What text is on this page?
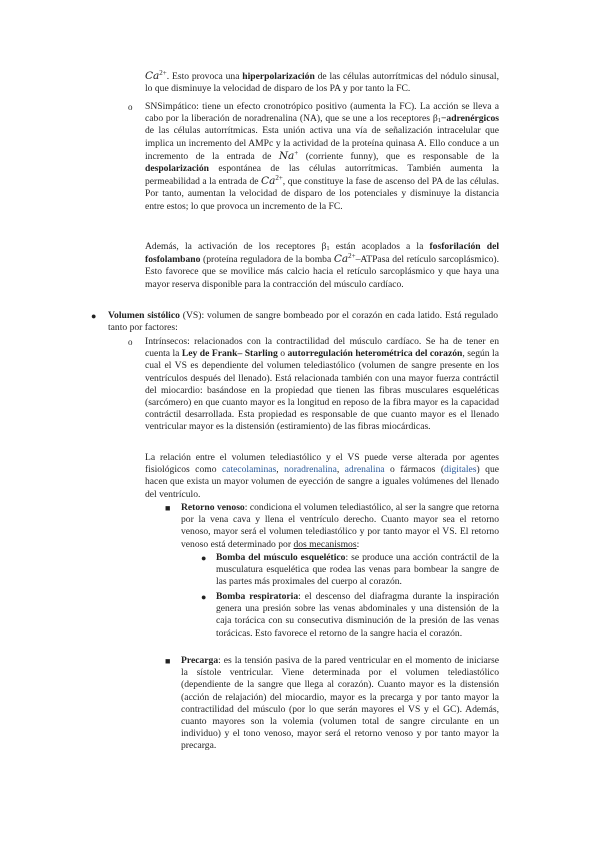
$Ca^{2+}$. Esto provoca una hiperpolarización de las células autorrítmicas del nódulo sinusal, lo que disminuye la velocidad de disparo de los PA y por tanto la FC.

o SNSimpático: tiene un efecto cronotrópico positivo (aumenta la FC). La acción se lleva a cabo por la liberación de noradrenalina (NA), que se une a los receptores $\beta_1-adrenérgicos$ de las células autorrítmicas. Esta unión activa una vía de señalización intracelular que implica un incremento del AMPc y la actividad de la proteína quinasa A. Ello conduce a un incremento de la entrada de Na+ (corriente funny), que es responsable de la despolarización espontánea de las células autorrítmicas. También aumenta la permeabilidad a la entrada de $Ca^{2+}$, que constituye la fase de ascenso del PA de las células. Por tanto, aumentan la velocidad de disparo de los potenciales y disminuye la distancia entre estos; lo que provoca un incremento de la FC.

Además, la activación de los receptores $\beta_1$ están acoplados a la fosforilación del fosfolambano (proteína reguladora de la bomba $Ca^{2+}$–ATPasa del retículo sarcoplásmico). Esto favorece que se movilice más calcio hacia el retículo sarcoplásmico y que haya una mayor reserva disponible para la contracción del músculo cardíaco.

● Volumen sistólico (VS): volumen de sangre bombeado por el corazón en cada latido. Está regulado tanto por factores:

o Intrínsecos: relacionados con la contractilidad del músculo cardíaco. Se ha de tener en cuenta la Ley de Frank– Starling o autorregulación heterométrica del corazón, según la cual el VS es dependiente del volumen telediastólico (volumen de sangre presente en los ventrículos después del llenado). Está relacionada también con una mayor fuerza contráctil del miocardio: basándose en la propiedad que tienen las fibras musculares esqueléticas (sarcómero) en que cuanto mayor es la longitud en reposo de la fibra mayor es la capacidad contráctil desarrollada. Esta propiedad es responsable de que cuanto mayor es el llenado ventricular mayor es la distensión (estiramiento) de las fibras miocárdicas.

La relación entre el volumen telediastólico y el VS puede verse alterada por agentes fisiológicos como catecolaminas, noradrenalina, adrenalina o fármacos (digitales) que hacen que exista un mayor volumen de eyección de sangre a iguales volúmenes del llenado del ventrículo.

■ Retorno venoso: condiciona el volumen telediastólico, al ser la sangre que retorna por la vena cava y llena el ventrículo derecho. Cuanto mayor sea el retorno venoso, mayor será el volumen telediastólico y por tanto mayor el VS. El retorno venoso está determinado por dos mecanismos:

● Bomba del músculo esquelético: se produce una acción contráctil de la musculatura esquelética que rodea las venas para bombear la sangre de las partes más proximales del cuerpo al corazón.

● Bomba respiratoria: el descenso del diafragma durante la inspiración genera una presión sobre las venas abdominales y una distensión de la caja torácica con su consecutiva disminución de la presión de las venas torácicas. Esto favorece el retorno de la sangre hacia el corazón.

■ Precarga: es la tensión pasiva de la pared ventricular en el momento de iniciarse la sístole ventricular. Viene determinada por el volumen telediastólico (dependiente de la sangre que llega al corazón). Cuanto mayor es la distensión (acción de relajación) del miocardio, mayor es la precarga y por tanto mayor la contractilidad del músculo (por lo que serán mayores el VS y el GC). Además, cuanto mayores son la volemia (volumen total de sangre circulante en un individuo) y el tono venoso, mayor será el retorno venoso y por tanto mayor la precarga.
